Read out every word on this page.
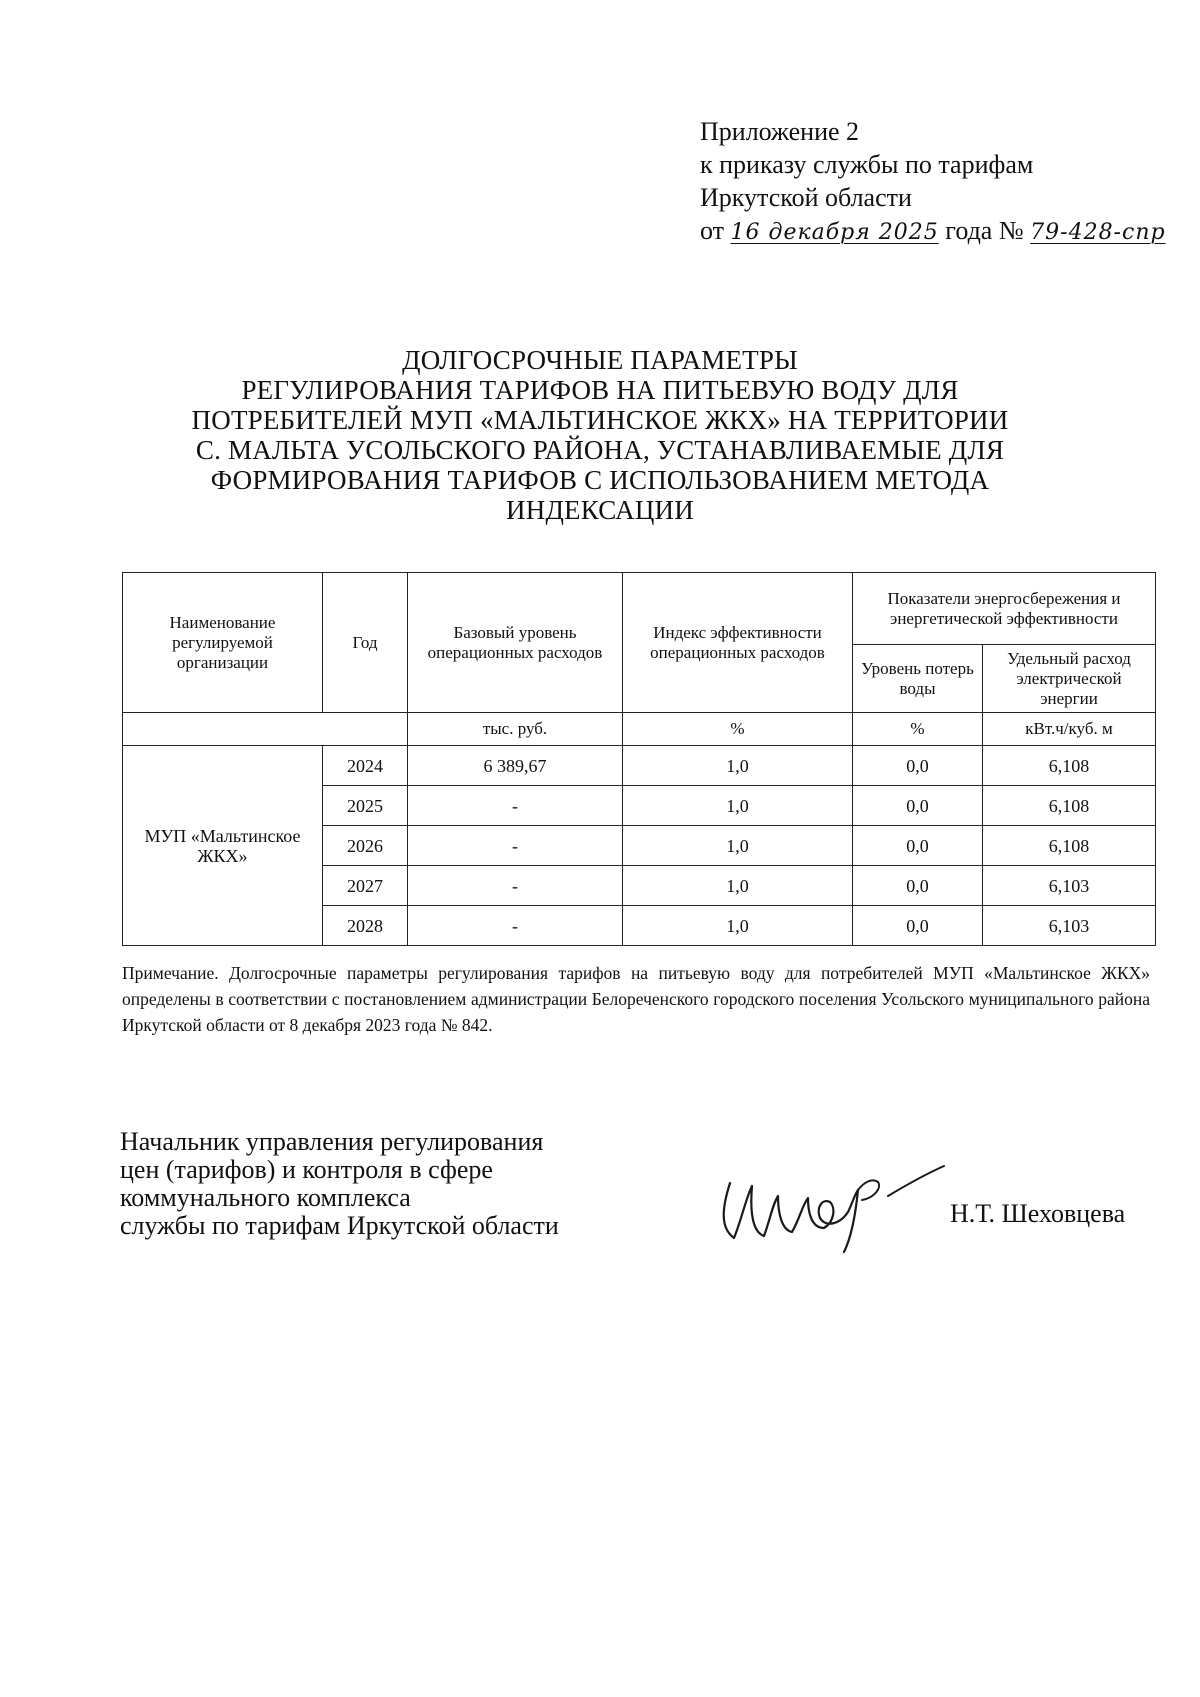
Приложение 2
к приказу службы по тарифам
Иркутской области
от 16 декабря 2025 года № 79-428-спр
ДОЛГОСРОЧНЫЕ ПАРАМЕТРЫ
РЕГУЛИРОВАНИЯ ТАРИФОВ НА ПИТЬЕВУЮ ВОДУ ДЛЯ
ПОТРЕБИТЕЛЕЙ МУП «МАЛЬТИНСКОЕ ЖКХ» НА ТЕРРИТОРИИ
С. МАЛЬТА УСОЛЬСКОГО РАЙОНА, УСТАНАВЛИВАЕМЫЕ ДЛЯ
ФОРМИРОВАНИЯ ТАРИФОВ С ИСПОЛЬЗОВАНИЕМ МЕТОДА
ИНДЕКСАЦИИ
Наименование регулируемой организации	Год	Базовый уровень операционных расходов	Индекс эффективности операционных расходов	Показатели энергосбережения и энергетической эффективности	
				Уровень потерь воды	Удельный расход электрической энергии
		тыс. руб.	%	%	кВт.ч/куб. м
МУП «Мальтинское ЖКХ»	2024	6 389,67	1,0	0,0	6,108
	2025	-	1,0	0,0	6,108
	2026	-	1,0	0,0	6,108
	2027	-	1,0	0,0	6,103
	2028	-	1,0	0,0	6,103
Примечание. Долгосрочные параметры регулирования тарифов на питьевую воду для потребителей МУП «Мальтинское ЖКХ» определены в соответствии с постановлением администрации Белореченского городского поселения Усольского муниципального района Иркутской области от 8 декабря 2023 года № 842.
Начальник управления регулирования
цен (тарифов) и контроля в сфере
коммунального комплекса
службы по тарифам Иркутской области	Н.Т. Шеховцева
